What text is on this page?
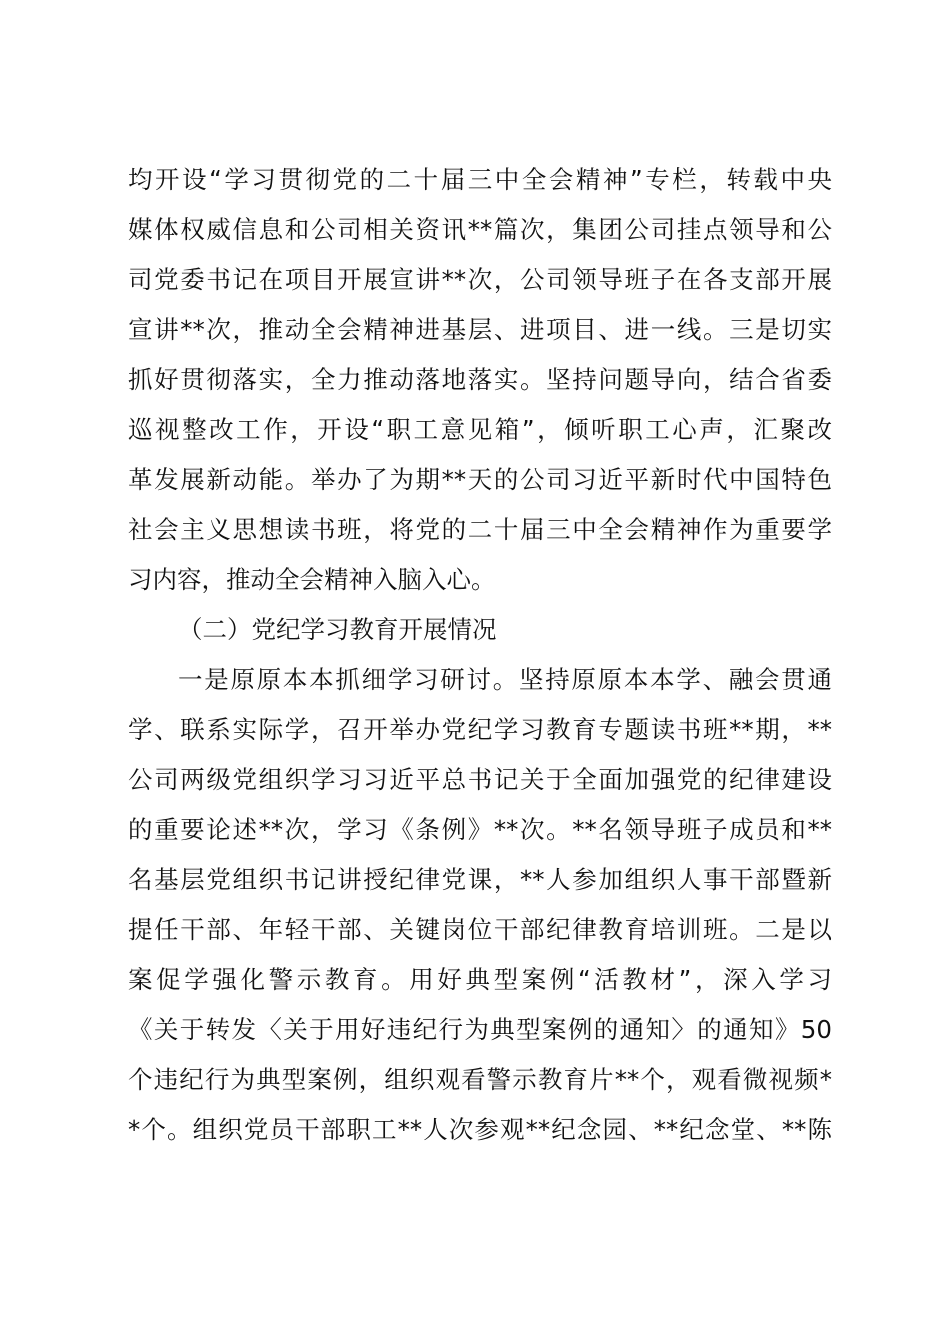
均开设“学习贯彻党的二十届三中全会精神”专栏，转载中央
媒体权威信息和公司相关资讯**篇次，集团公司挂点领导和公
司党委书记在项目开展宣讲**次，公司领导班子在各支部开展
宣讲**次，推动全会精神进基层、进项目、进一线。三是切实
抓好贯彻落实，全力推动落地落实。坚持问题导向，结合省委
巡视整改工作，开设“职工意见箱”，倾听职工心声，汇聚改
革发展新动能。举办了为期**天的公司习近平新时代中国特色
社会主义思想读书班，将党的二十届三中全会精神作为重要学
习内容，推动全会精神入脑入心。
（二）党纪学习教育开展情况
一是原原本本抓细学习研讨。坚持原原本本学、融会贯通
学、联系实际学，召开举办党纪学习教育专题读书班**期，**
公司两级党组织学习习近平总书记关于全面加强党的纪律建设
的重要论述**次，学习《条例》**次。**名领导班子成员和**
名基层党组织书记讲授纪律党课，**人参加组织人事干部暨新
提任干部、年轻干部、关键岗位干部纪律教育培训班。二是以
案促学强化警示教育。用好典型案例“活教材”，深入学习
《关于转发〈关于用好违纪行为典型案例的通知〉的通知》50
个违纪行为典型案例，组织观看警示教育片**个，观看微视频*
*个。组织党员干部职工**人次参观**纪念园、**纪念堂、**陈
